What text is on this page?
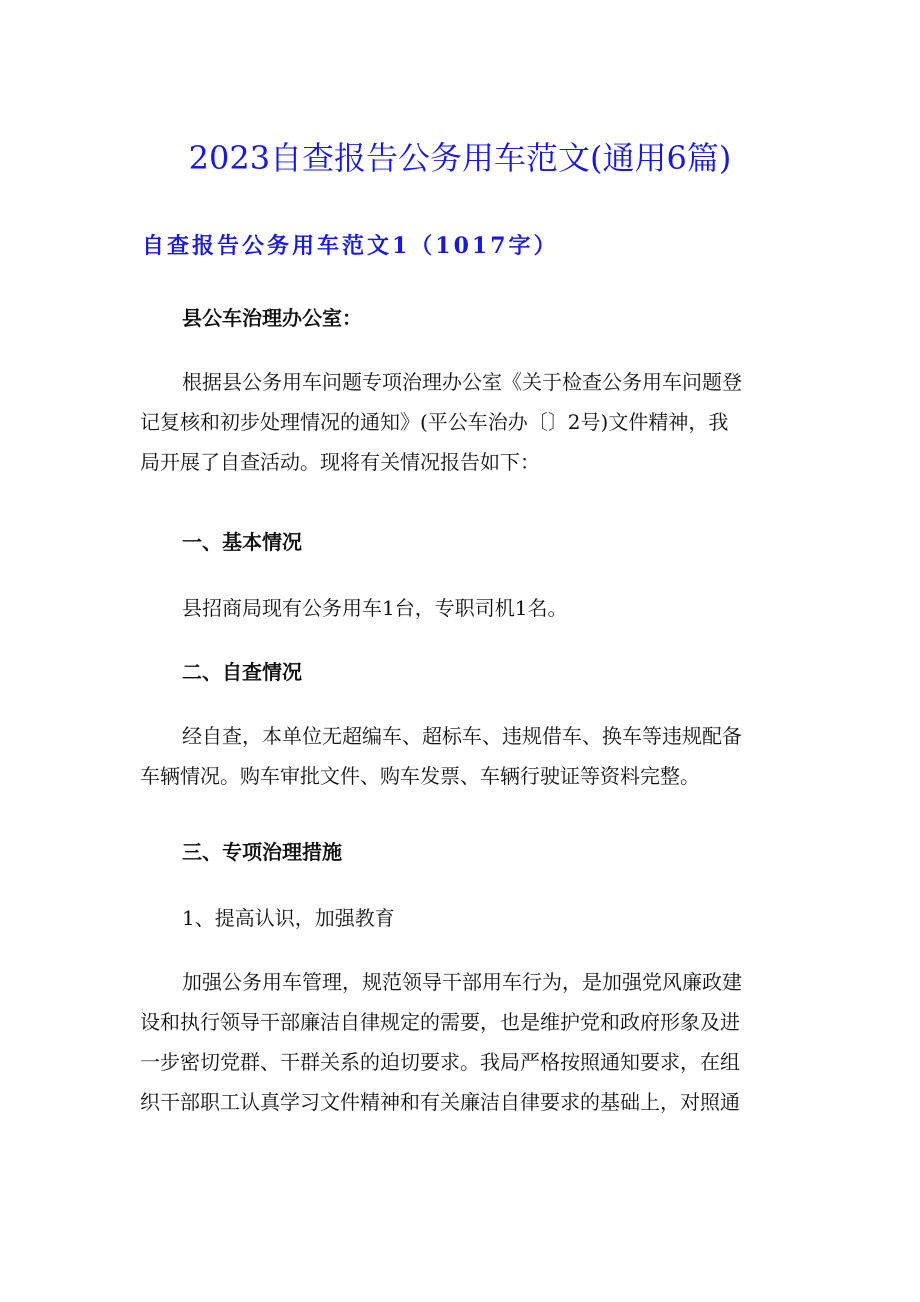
2023自查报告公务用车范文(通用6篇)
自查报告公务用车范文1（1017字）
县公车治理办公室：
根据县公务用车问题专项治理办公室《关于检查公务用车问题登
记复核和初步处理情况的通知》(平公车治办〔〕2号)文件精神，我
局开展了自查活动。现将有关情况报告如下：
一、基本情况
县招商局现有公务用车1台，专职司机1名。
二、自查情况
经自查，本单位无超编车、超标车、违规借车、换车等违规配备
车辆情况。购车审批文件、购车发票、车辆行驶证等资料完整。
三、专项治理措施
1、提高认识，加强教育
加强公务用车管理，规范领导干部用车行为，是加强党风廉政建
设和执行领导干部廉洁自律规定的需要，也是维护党和政府形象及进
一步密切党群、干群关系的迫切要求。我局严格按照通知要求，在组
织干部职工认真学习文件精神和有关廉洁自律要求的基础上，对照通
